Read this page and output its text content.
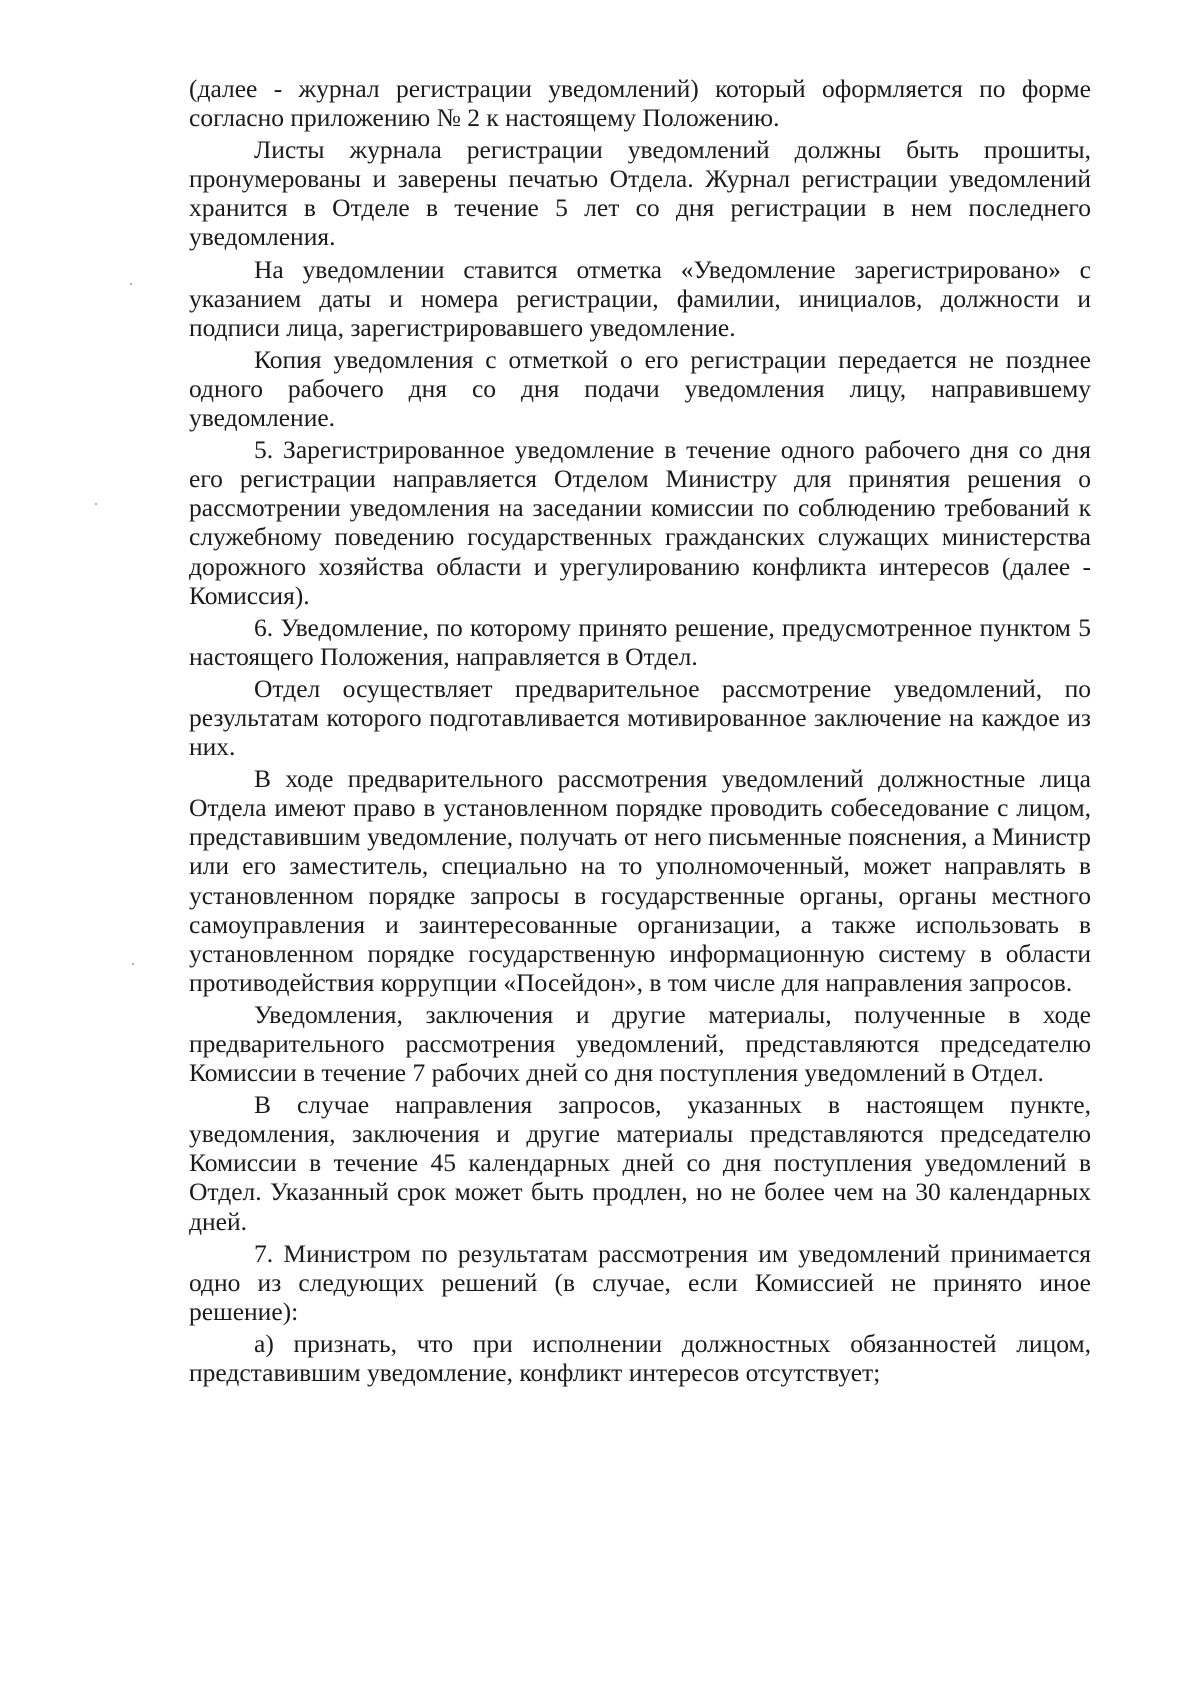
(далее - журнал регистрации уведомлений) который оформляется по форме согласно приложению № 2 к настоящему Положению.

Листы журнала регистрации уведомлений должны быть прошиты, пронумерованы и заверены печатью Отдела. Журнал регистрации уведомлений хранится в Отделе в течение 5 лет со дня регистрации в нем последнего уведомления.

На уведомлении ставится отметка «Уведомление зарегистрировано» с указанием даты и номера регистрации, фамилии, инициалов, должности и подписи лица, зарегистрировавшего уведомление.

Копия уведомления с отметкой о его регистрации передается не позднее одного рабочего дня со дня подачи уведомления лицу, направившему уведомление.

5. Зарегистрированное уведомление в течение одного рабочего дня со дня его регистрации направляется Отделом Министру для принятия решения о рассмотрении уведомления на заседании комиссии по соблюдению требований к служебному поведению государственных гражданских служащих министерства дорожного хозяйства области и урегулированию конфликта интересов (далее - Комиссия).

6. Уведомление, по которому принято решение, предусмотренное пунктом 5 настоящего Положения, направляется в Отдел.

Отдел осуществляет предварительное рассмотрение уведомлений, по результатам которого подготавливается мотивированное заключение на каждое из них.

В ходе предварительного рассмотрения уведомлений должностные лица Отдела имеют право в установленном порядке проводить собеседование с лицом, представившим уведомление, получать от него письменные пояснения, а Министр или его заместитель, специально на то уполномоченный, может направлять в установленном порядке запросы в государственные органы, органы местного самоуправления и заинтересованные организации, а также использовать в установленном порядке государственную информационную систему в области противодействия коррупции «Посейдон», в том числе для направления запросов.

Уведомления, заключения и другие материалы, полученные в ходе предварительного рассмотрения уведомлений, представляются председателю Комиссии в течение 7 рабочих дней со дня поступления уведомлений в Отдел.

В случае направления запросов, указанных в настоящем пункте, уведомления, заключения и другие материалы представляются председателю Комиссии в течение 45 календарных дней со дня поступления уведомлений в Отдел. Указанный срок может быть продлен, но не более чем на 30 календарных дней.

7. Министром по результатам рассмотрения им уведомлений принимается одно из следующих решений (в случае, если Комиссией не принято иное решение):

а) признать, что при исполнении должностных обязанностей лицом, представившим уведомление, конфликт интересов отсутствует;
